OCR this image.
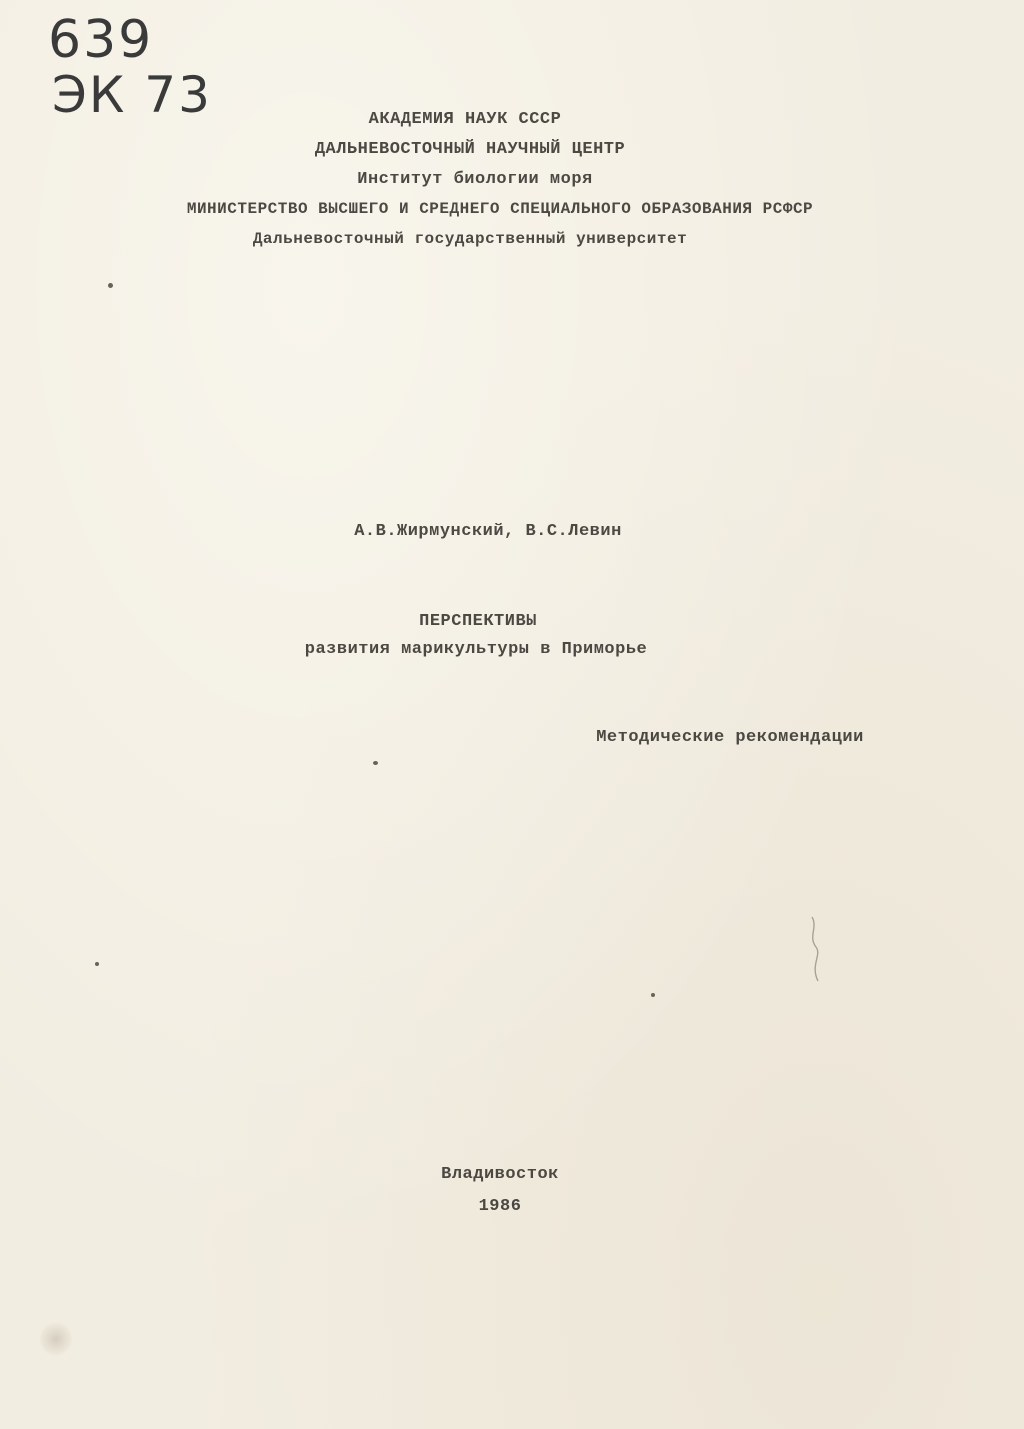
639
ЭК 73	АКАДЕМИЯ НАУК СССР
ДАЛЬНЕВОСТОЧНЫЙ НАУЧНЫЙ ЦЕНТР
Институт биологии моря
МИНИСТЕРСТВО ВЫСШЕГО И СРЕДНЕГО СПЕЦИАЛЬНОГО ОБРАЗОВАНИЯ РСФСР
Дальневосточный государственный университет
А.В.Жирмунский, В.С.Левин
ПЕРСПЕКТИВЫ
развития марикультуры в Приморье
Методические рекомендации
Владивосток
1986
